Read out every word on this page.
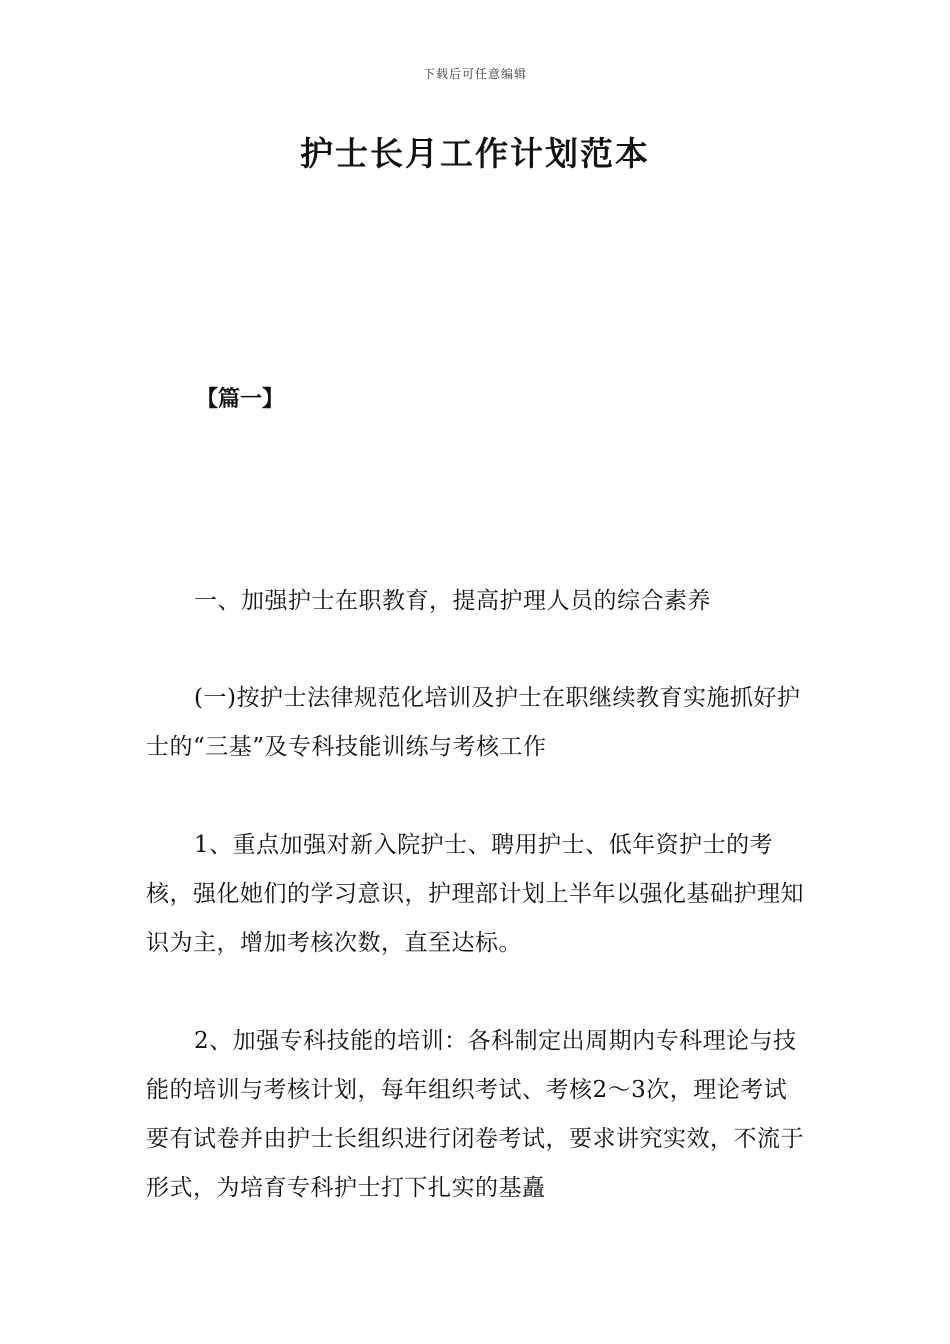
下载后可任意编辑
护士长月工作计划范本
【篇一】

一、加强护士在职教育，提高护理人员的综合素养

(一)按护士法律规范化培训及护士在职继续教育实施抓好护士的“三基”及专科技能训练与考核工作

1、重点加强对新入院护士、聘用护士、低年资护士的考核，强化她们的学习意识，护理部计划上半年以强化基础护理知识为主，增加考核次数，直至达标。

2、加强专科技能的培训：各科制定出周期内专科理论与技能的培训与考核计划，每年组织考试、考核2～3次，理论考试要有试卷并由护士长组织进行闭卷考试，要求讲究实效，不流于形式，为培育专科护士打下扎实的基矗
